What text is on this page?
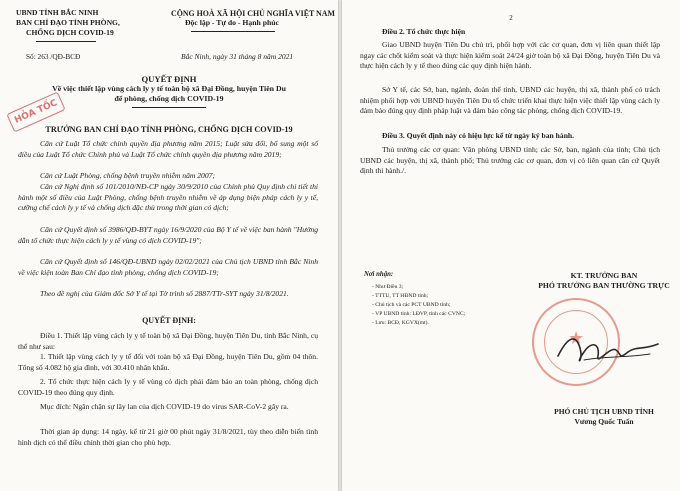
UBND TỈNH BẮC NINH
BAN CHỈ ĐẠO TỈNH PHÒNG,
CHỐNG DỊCH COVID-19
CỘNG HOÀ XÃ HỘI CHỦ NGHĨA VIỆT NAM
Độc lập - Tự do - Hạnh phúc
Số: 263 /QĐ-BCĐ	Bắc Ninh, ngày 31 tháng 8 năm 2021
QUYẾT ĐỊNH
Về việc thiết lập vùng cách ly y tế toàn bộ xã Đại Đồng, huyện Tiên Du
để phòng, chống dịch COVID-19
HỎA TỐC
TRƯỞNG BAN CHỈ ĐẠO TỈNH PHÒNG, CHỐNG DỊCH COVID-19
Căn cứ Luật Tổ chức chính quyền địa phương năm 2015; Luật sửa đổi, bổ sung một số điều của Luật Tổ chức Chính phủ và Luật Tổ chức chính quyền địa phương năm 2019;
Căn cứ Luật Phòng, chống bệnh truyền nhiễm năm 2007;
Căn cứ Nghị định số 101/2010/NĐ-CP ngày 30/9/2010 của Chính phủ Quy định chi tiết thi hành một số điều của Luật Phòng, chống bệnh truyền nhiễm về áp dụng biện pháp cách ly y tế, cưỡng chế cách ly y tế và chống dịch đặc thù trong thời gian có dịch;
Căn cứ Quyết định số 3986/QĐ-BYT ngày 16/9/2020 của Bộ Y tế về việc ban hành "Hướng dẫn tổ chức thực hiện cách ly y tế vùng có dịch COVID-19";
Căn cứ Quyết định số 146/QĐ-UBND ngày 02/02/2021 của Chủ tịch UBND tỉnh Bắc Ninh về việc kiện toàn Ban Chỉ đạo tỉnh phòng, chống dịch COVID-19;
Theo đề nghị của Giám đốc Sở Y tế tại Tờ trình số 2887/TTr-SYT ngày 31/8/2021.
QUYẾT ĐỊNH:
Điều 1. Thiết lập vùng cách ly y tế toàn bộ xã Đại Đồng, huyện Tiên Du, tỉnh Bắc Ninh, cụ thể như sau:
1. Thiết lập vùng cách ly y tế đối với toàn bộ xã Đại Đồng, huyện Tiên Du, gồm 04 thôn. Tổng số 4.082 hộ gia đình, với 30.410 nhân khẩu.
2. Tổ chức thực hiện cách ly y tế vùng có dịch phải đảm bảo an toàn phòng, chống dịch COVID-19 theo đúng quy định.
Mục đích: Ngăn chặn sự lây lan của dịch COVID-19 do virus SAR-CoV-2 gây ra.
Thời gian áp dụng: 14 ngày, kể từ 21 giờ 00 phút ngày 31/8/2021, tùy theo diễn biến tình hình dịch có thể điều chỉnh thời gian cho phù hợp.
2
Điều 2. Tổ chức thực hiện
Giao UBND huyện Tiên Du chủ trì, phối hợp với các cơ quan, đơn vị liên quan thiết lập ngay các chốt kiểm soát và thực hiện kiểm soát 24/24 giờ toàn bộ xã Đại Đồng, huyện Tiên Du và thực hiện cách ly y tế theo đúng các quy định hiện hành.
Sở Y tế, các Sở, ban, ngành, đoàn thể tỉnh, UBND các huyện, thị xã, thành phố có trách nhiệm phối hợp với UBND huyện Tiên Du tổ chức triển khai thực hiện việc thiết lập vùng cách ly đảm bảo đúng quy định pháp luật và đảm bảo công tác phòng, chống dịch COVID-19.
Điều 3. Quyết định này có hiệu lực kể từ ngày ký ban hành.
Thủ trưởng các cơ quan: Văn phòng UBND tỉnh; các Sở, ban, ngành của tỉnh; Chủ tịch UBND các huyện, thị xã, thành phố; Thủ trưởng các cơ quan, đơn vị có liên quan căn cứ Quyết định thi hành./.
Nơi nhận:
- Như Điều 3;
- TTTU, TT HĐND tỉnh;
- Chủ tịch và các PCT UBND tỉnh;
- VP UBND tỉnh: LĐVP, tỉnh các CVNC;
- Lưu: BCĐ, KGVX(mt).
KT. TRƯỞNG BAN
PHÓ TRƯỞNG BAN THƯỜNG TRỰC
★
PHÓ CHỦ TỊCH UBND TỈNH
Vương Quốc Tuấn
